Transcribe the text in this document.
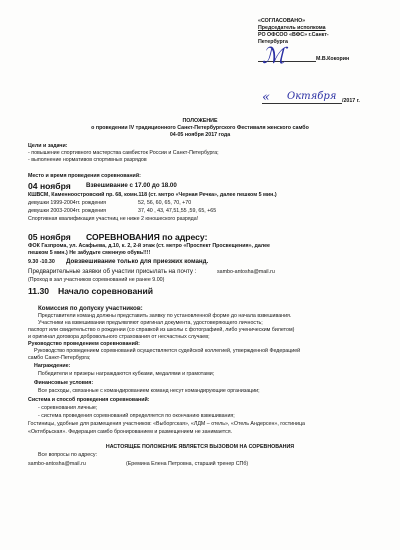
«СОГЛАСОВАНО»
Председатель исполкома
РО ОФСОО «ВФС» г.Санкт-
Петербурга
М.В.Кокорин
/2017 г.
ℳ
« Октября
ПОЛОЖЕНИЕ
о проведении IV традиционного Санкт-Петербургского Фестиваля женского самбо
04-05 ноября 2017 года
Цели и задачи:
- повышение спортивного мастерства самбисток России и Санкт-Петербурга;
- выполнение нормативов спортивных разрядов
Место и время проведения соревнований:
04 ноября Взвешивание с 17.00 до 18.00
КШВСМ, Каменноостровский пр. 68, комн.118 (ст. метро «Черная Речка», далее пешком 5 мин.)
девушки 1999-2004гг. рождения	52, 56, 60, 65, 70, +70
девушки 2003-2004гг. рождения	37, 40 , 43, 47,51,55 ,59, 65, +65
Спортивная квалификация участниц не ниже 2 юношеского разряда!
05 ноября СОРЕВНОВАНИЯ по адресу:
ФОК Газпрома, ул. Асафьева, д.10, к. 2, 2-й этаж (ст. метро «Проспект Просвещения», далее
пешком 5 мин.) Не забудьте сменную обувь!!!!
9.30 -10.30 Довзвешивание только для приезжих команд.
Предварительные заявки об участии присылать на почту :	sambo-antosha@mail.ru
(Проход в зал участников соревнований не ранее 9.00)
11.30 Начало соревнований
Комиссия по допуску участников:
Представители команд должны представить заявку по установленной форме до начала взвешивания.
Участники на взвешивании предъявляют оригинал документа, удостоверяющего личность;
паспорт или свидетельство о рождении (со справкой из школы с фотографией, либо ученическим билетом)
и оригинал договора добровольного страхования от несчастных случаев;
Руководство проведением соревнований:
Руководство проведением соревнований осуществляется судейской коллегией, утвержденной Федерацией
самбо Санкт-Петербурга;
Награждение:
Победители и призеры награждаются кубками, медалями и грамотами;
Финансовые условия:
Все расходы, связанные с командированием команд несут командирующие организации;
Система и способ проведения соревнований:
- соревнования личные;
- система проведения соревнований определяется по окончанию взвешивания;
Гостиницы, удобные для размещения участников: «Выборгская», «ЛДМ – отель», «Отель Андерсен», гостиница
«Октябрьская». Федерация самбо бронированием и размещением не занимается.
НАСТОЯЩЕЕ ПОЛОЖЕНИЕ ЯВЛЯЕТСЯ ВЫЗОВОМ НА СОРЕВНОВАНИЯ
Все вопросы по адресу:
sambo-antosha@mail.ru	(Еремина Елена Петровна, старший тренер СПб)
